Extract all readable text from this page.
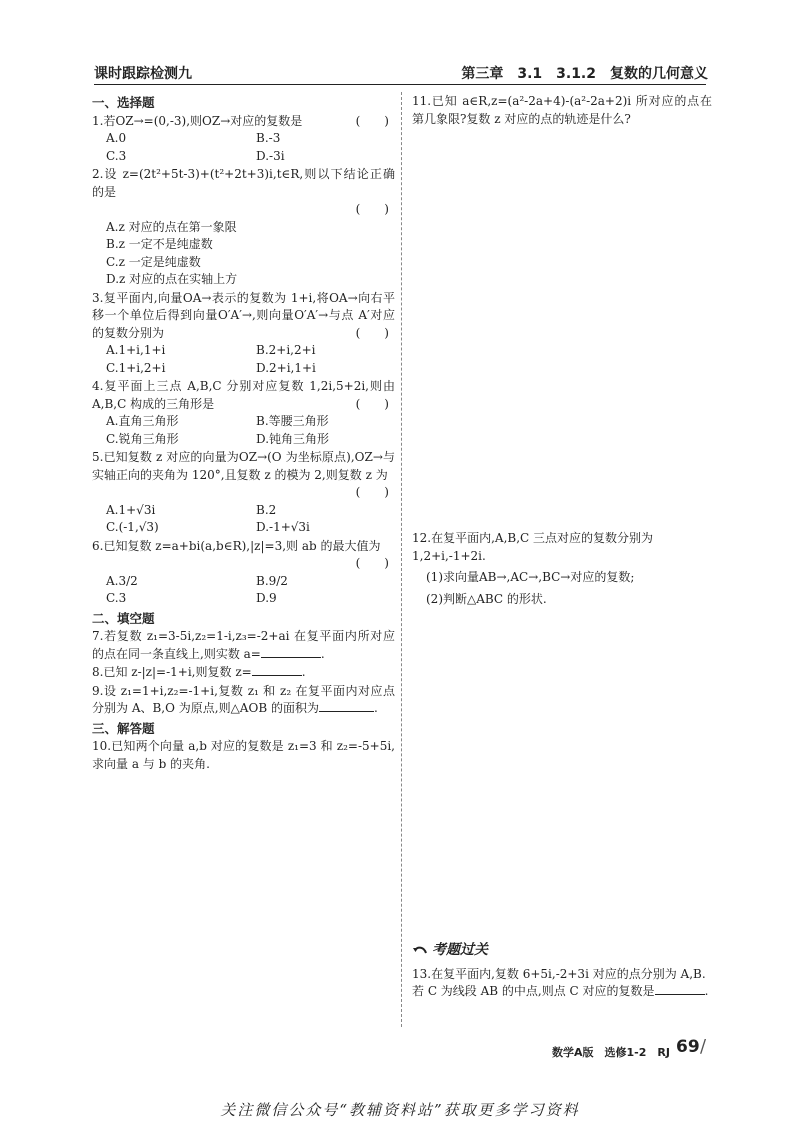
课时跟踪检测九	第三章　3.1　3.1.2　复数的几何意义
一、选择题
(　　)
1.若OZ→=(0,-3),则OZ→对应的复数是
A.0	B.-3
C.3	D.-3i
2.设 z=(2t²+5t-3)+(t²+2t+3)i,t∈R,则以下结论正确的是
(　　)
A.z 对应的点在第一象限
B.z 一定不是纯虚数
C.z 一定是纯虚数
D.z 对应的点在实轴上方
3.复平面内,向量OA→表示的复数为 1+i,将OA→向右平移一个单位后得到向量O′A′→,则向量O′A′→与点 A′对应的复数分别为	(　　)
A.1+i,1+i	B.2+i,2+i
C.1+i,2+i	D.2+i,1+i
4.复平面上三点 A,B,C 分别对应复数 1,2i,5+2i,则由 A,B,C 构成的三角形是	(　　)
A.直角三角形	B.等腰三角形
C.锐角三角形	D.钝角三角形
5.已知复数 z 对应的向量为OZ→(O 为坐标原点),OZ→与实轴正向的夹角为 120°,且复数 z 的模为 2,则复数 z 为
(　　)
A.1+√3i	B.2
C.(-1,√3)	D.-1+√3i
6.已知复数 z=a+bi(a,b∈R),|z|=3,则 ab 的最大值为
(　　)
A.3/2	B.9/2
C.3	D.9
二、填空题
7.若复数 z₁=3-5i,z₂=1-i,z₃=-2+ai 在复平面内所对应的点在同一条直线上,则实数 a=	.
8.已知 z-|z|=-1+i,则复数 z=	.
9.设 z₁=1+i,z₂=-1+i,复数 z₁ 和 z₂ 在复平面内对应点分别为 A、B,O 为原点,则△AOB 的面积为	.
三、解答题
10.已知两个向量 a,b 对应的复数是 z₁=3 和 z₂=-5+5i,求向量 a 与 b 的夹角.
11.已知 a∈R,z=(a²-2a+4)-(a²-2a+2)i 所对应的点在第几象限?复数 z 对应的点的轨迹是什么?
12.在复平面内,A,B,C 三点对应的复数分别为 1,2+i,-1+2i.
(1)求向量AB→,AC→,BC→对应的复数;
(2)判断△ABC 的形状.
考题过关
13.在复平面内,复数 6+5i,-2+3i 对应的点分别为 A,B.若 C 为线段 AB 的中点,则点 C 对应的复数是	.
数学A版　选修1-2　RJ 69 /
关注微信公众号“教辅资料站”获取更多学习资料
